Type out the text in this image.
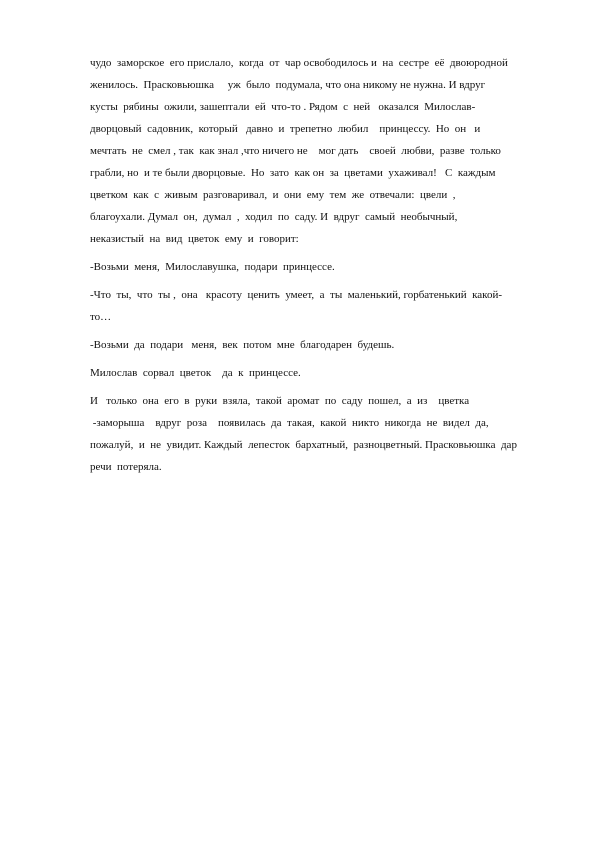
чудо  заморское  его прислало,  когда  от  чар освободилось и  на  сестре  её  двоюродной
женилось.  Прасковьюшка     уж  было  подумала, что она никому не нужна. И вдруг
кусты  рябины  ожили, зашептали  ей  что-то . Рядом  с  ней   оказался  Милослав-
дворцовый  садовник,  который   давно  и  трепетно  любил    принцессу.  Но  он   и
мечтать  не  смел , так  как знал ,что ничего не    мог дать    своей  любви,  разве  только
грабли, но  и те были дворцовые.  Но  зато  как он  за  цветами  ухаживал!   С  каждым
цветком  как  с  живым  разговаривал,  и  они  ему  тем  же  отвечали:  цвели  ,
благоухали. Думал  он,  думал  ,  ходил  по  саду. И  вдруг  самый  необычный,
неказистый  на  вид  цветок  ему  и  говорит:

-Возьми  меня,  Милославушка,  подари  принцессе.

-Что  ты,  что  ты ,  она   красоту  ценить  умеет,  а  ты  маленький, горбатенький  какой-
то…

-Возьми  да  подари   меня,  век  потом  мне  благодарен  будешь.

Милослав  сорвал  цветок    да  к  принцессе.

И   только  она  его  в  руки  взяла,  такой  аромат  по  саду  пошел,  а  из    цветка
-заморыша    вдруг  роза    появилась  да  такая,  какой  никто  никогда  не  видел  да,
пожалуй,  и  не  увидит. Каждый  лепесток  бархатный,  разноцветный. Прасковьюшка  дар
речи  потеряла.
